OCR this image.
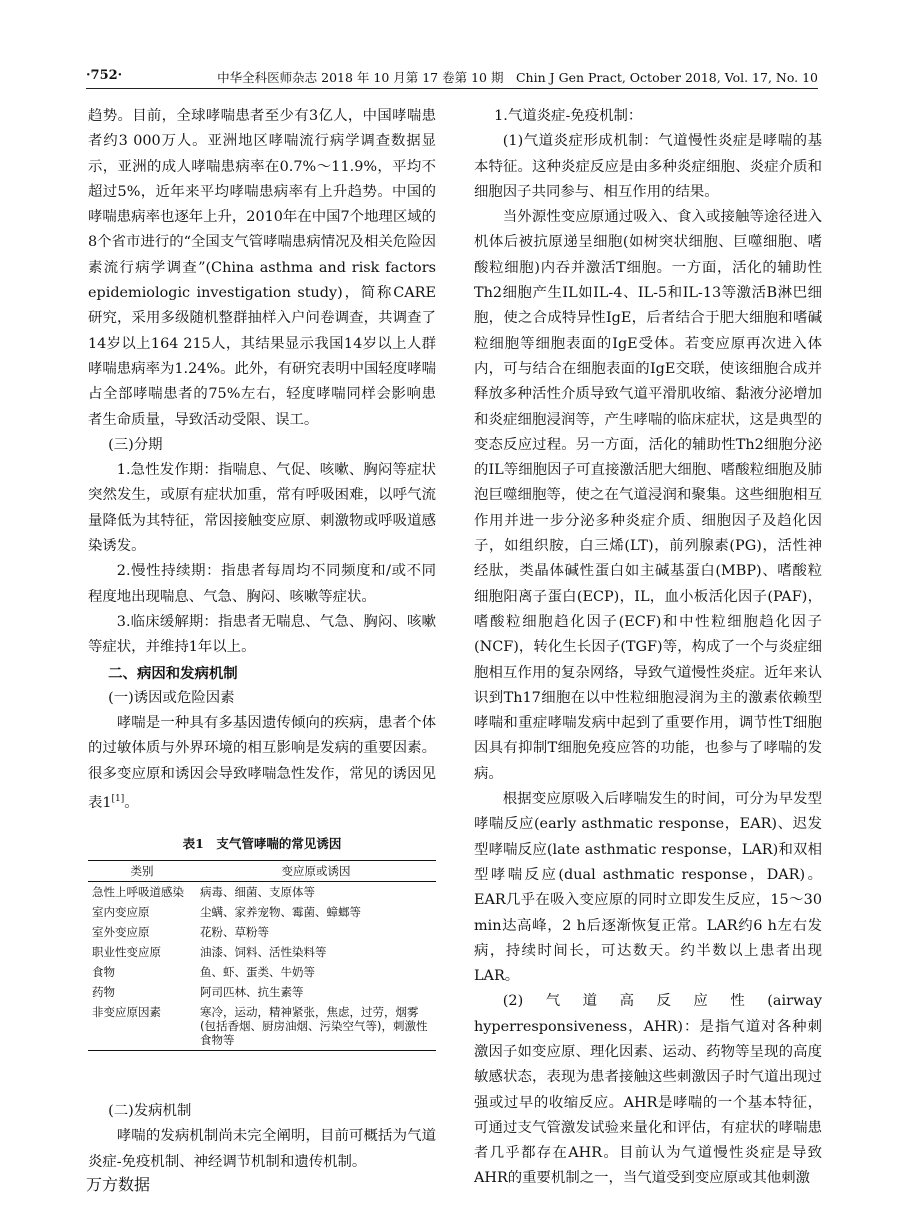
·752·	中华全科医师杂志 2018 年 10 月第 17 卷第 10 期　Chin J Gen Pract, October 2018, Vol. 17, No. 10

趋势。目前，全球哮喘患者至少有3亿人，中国哮喘患者约3 000万人。亚洲地区哮喘流行病学调查数据显示，亚洲的成人哮喘患病率在0.7%～11.9%，平均不超过5%，近年来平均哮喘患病率有上升趋势。中国的哮喘患病率也逐年上升，2010年在中国7个地理区域的8个省市进行的“全国支气管哮喘患病情况及相关危险因素流行病学调查”(China asthma and risk factors epidemiologic investigation study)，简称CARE研究，采用多级随机整群抽样入户问卷调查，共调查了14岁以上164 215人，其结果显示我国14岁以上人群哮喘患病率为1.24%。此外，有研究表明中国轻度哮喘占全部哮喘患者的75%左右，轻度哮喘同样会影响患者生命质量，导致活动受限、误工。

(三)分期

1.急性发作期：指喘息、气促、咳嗽、胸闷等症状突然发生，或原有症状加重，常有呼吸困难，以呼气流量降低为其特征，常因接触变应原、刺激物或呼吸道感染诱发。

2.慢性持续期：指患者每周均不同频度和/或不同程度地出现喘息、气急、胸闷、咳嗽等症状。

3.临床缓解期：指患者无喘息、气急、胸闷、咳嗽等症状，并维持1年以上。

二、病因和发病机制

(一)诱因或危险因素

哮喘是一种具有多基因遗传倾向的疾病，患者个体的过敏体质与外界环境的相互影响是发病的重要因素。很多变应原和诱因会导致哮喘急性发作，常见的诱因见表1[1]。

表1　支气管哮喘的常见诱因
类别	变应原或诱因
急性上呼吸道感染	病毒、细菌、支原体等
室内变应原	尘螨、家养宠物、霉菌、蟑螂等
室外变应原	花粉、草粉等
职业性变应原	油漆、饲料、活性染料等
食物	鱼、虾、蛋类、牛奶等
药物	阿司匹林、抗生素等
非变应原因素	寒冷，运动，精神紧张，焦虑，过劳，烟雾(包括香烟、厨房油烟、污染空气等)，刺激性食物等

(二)发病机制

哮喘的发病机制尚未完全阐明，目前可概括为气道炎症-免疫机制、神经调节机制和遗传机制。

1.气道炎症-免疫机制：

(1)气道炎症形成机制：气道慢性炎症是哮喘的基本特征。这种炎症反应是由多种炎症细胞、炎症介质和细胞因子共同参与、相互作用的结果。

当外源性变应原通过吸入、食入或接触等途径进入机体后被抗原递呈细胞(如树突状细胞、巨噬细胞、嗜酸粒细胞)内吞并激活T细胞。一方面，活化的辅助性Th2细胞产生IL如IL-4、IL-5和IL-13等激活B淋巴细胞，使之合成特异性IgE，后者结合于肥大细胞和嗜碱粒细胞等细胞表面的IgE受体。若变应原再次进入体内，可与结合在细胞表面的IgE交联，使该细胞合成并释放多种活性介质导致气道平滑肌收缩、黏液分泌增加和炎症细胞浸润等，产生哮喘的临床症状，这是典型的变态反应过程。另一方面，活化的辅助性Th2细胞分泌的IL等细胞因子可直接激活肥大细胞、嗜酸粒细胞及肺泡巨噬细胞等，使之在气道浸润和聚集。这些细胞相互作用并进一步分泌多种炎症介质、细胞因子及趋化因子，如组织胺，白三烯(LT)，前列腺素(PG)，活性神经肽，类晶体碱性蛋白如主碱基蛋白(MBP)、嗜酸粒细胞阳离子蛋白(ECP)，IL，血小板活化因子(PAF)，嗜酸粒细胞趋化因子(ECF)和中性粒细胞趋化因子(NCF)，转化生长因子(TGF)等，构成了一个与炎症细胞相互作用的复杂网络，导致气道慢性炎症。近年来认识到Th17细胞在以中性粒细胞浸润为主的激素依赖型哮喘和重症哮喘发病中起到了重要作用，调节性T细胞因具有抑制T细胞免疫应答的功能，也参与了哮喘的发病。

根据变应原吸入后哮喘发生的时间，可分为早发型哮喘反应(early asthmatic response，EAR)、迟发型哮喘反应(late asthmatic response，LAR)和双相型哮喘反应(dual asthmatic response，DAR)。EAR几乎在吸入变应原的同时立即发生反应，15～30 min达高峰，2 h后逐渐恢复正常。LAR约6 h左右发病，持续时间长，可达数天。约半数以上患者出现LAR。

(2)气道高反应性(airway hyperresponsiveness，AHR)：是指气道对各种刺激因子如变应原、理化因素、运动、药物等呈现的高度敏感状态，表现为患者接触这些刺激因子时气道出现过强或过早的收缩反应。AHR是哮喘的一个基本特征，可通过支气管激发试验来量化和评估，有症状的哮喘患者几乎都存在AHR。目前认为气道慢性炎症是导致AHR的重要机制之一，当气道受到变应原或其他刺激

万方数据
